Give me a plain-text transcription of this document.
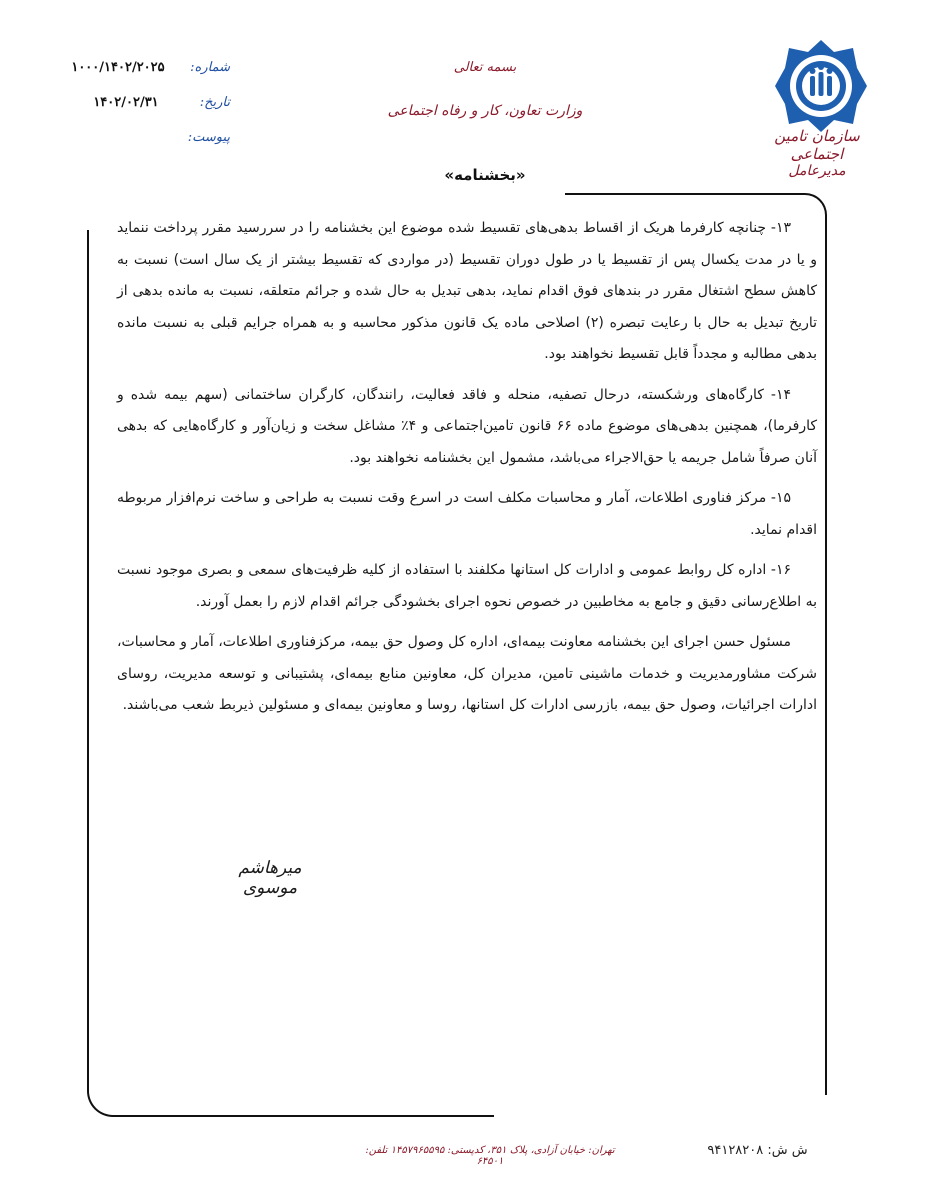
سازمان تامین اجتماعی
مدیرعامل
بسمه تعالی
وزارت تعاون، کار و رفاه اجتماعی
«بخشنامه»
شماره:
تاریخ:
پیوست:
۱۰۰۰/۱۴۰۲/۲۰۲۵
۱۴۰۲/۰۲/۳۱

۱۳- چنانچه کارفرما هریک از اقساط بدهی‌های تقسیط شده موضوع این بخشنامه را در سررسید مقرر پرداخت ننماید و یا در مدت یکسال پس از تقسیط یا در طول دوران تقسیط (در مواردی که تقسیط بیشتر از یک سال است) نسبت به کاهش سطح اشتغال مقرر در بندهای فوق اقدام نماید، بدهی تبدیل به حال شده و جرائم متعلقه، نسبت به مانده بدهی از تاریخ تبدیل به حال با رعایت تبصره (۲) اصلاحی ماده یک قانون مذکور محاسبه و به همراه جرایم قبلی به نسبت مانده بدهی مطالبه و مجدداً قابل تقسیط نخواهند بود.

۱۴- کارگاه‌های ورشکسته، درحال تصفیه، منحله و فاقد فعالیت، رانندگان، کارگران ساختمانی (سهم بیمه شده و کارفرما)، همچنین بدهی‌های موضوع ماده ۶۶ قانون تامین‌اجتماعی و ۴٪ مشاغل سخت و زیان‌آور و کارگاه‌هایی که بدهی آنان صرفاً شامل جریمه یا حق‌الاجراء می‌باشد، مشمول این بخشنامه نخواهند بود.

۱۵- مرکز فناوری اطلاعات، آمار و محاسبات مکلف است در اسرع وقت نسبت به طراحی و ساخت نرم‌افزار مربوطه اقدام نماید.

۱۶- اداره کل روابط عمومی و ادارات کل استانها مکلفند با استفاده از کلیه ظرفیت‌های سمعی و بصری موجود نسبت به اطلاع‌رسانی دقیق و جامع به مخاطبین در خصوص نحوه اجرای بخشودگی جرائم اقدام لازم را بعمل آورند.

مسئول حسن اجرای این بخشنامه معاونت بیمه‌ای، اداره کل وصول حق بیمه، مرکزفناوری اطلاعات، آمار و محاسبات، شرکت مشاورمدیریت و خدمات ماشینی تامین، مدیران کل، معاونین منابع بیمه‌ای، پشتیبانی و توسعه مدیریت، روسای ادارات اجرائیات، وصول حق بیمه، بازرسی ادارات کل استانها، روسا و معاونین بیمه‌ای و مسئولین ذیربط شعب می‌باشند.

میرهاشم موسوی
تهران: خیابان آزادی، پلاک ۳۵۱، کدپستی: ۱۴۵۷۹۶۵۵۹۵ تلفن: ۶۴۵۰۱
ش ش: ۹۴۱۲۸۲۰۸
